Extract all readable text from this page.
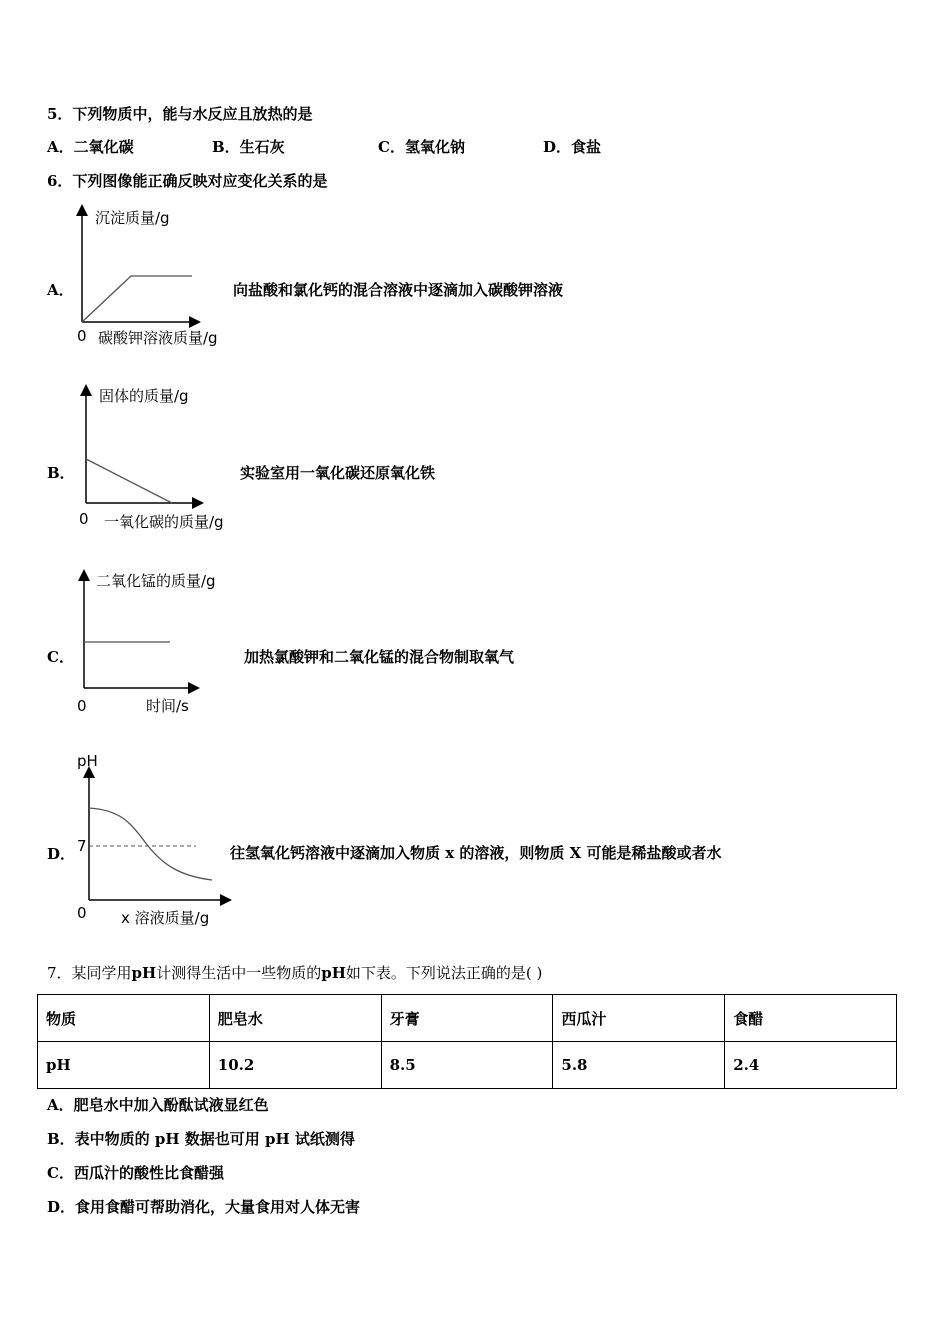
5．下列物质中，能与水反应且放热的是
A．二氧化碳	B．生石灰	C．氢氧化钠	D．食盐
6．下列图像能正确反映对应变化关系的是
A．
沉淀质量/g
碳酸钾溶液质量/g
0
固体的质量/g
一氧化碳的质量/g
0
二氧化锰的质量/g
时间/s
0
pH
x 溶液质量/g
0
7
向盐酸和氯化钙的混合溶液中逐滴加入碳酸钾溶液
B．	实验室用一氧化碳还原氧化铁
C．	加热氯酸钾和二氧化锰的混合物制取氧气
D．	往氢氧化钙溶液中逐滴加入物质 x 的溶液，则物质 X 可能是稀盐酸或者水
7．某同学用pH计测得生活中一些物质的pH如下表。下列说法正确的是( )
物质	肥皂水	牙膏	西瓜汁	食醋
pH	10.2	8.5	5.8	2.4
A．肥皂水中加入酚酞试液显红色
B．表中物质的 pH 数据也可用 pH 试纸测得
C．西瓜汁的酸性比食醋强
D．食用食醋可帮助消化，大量食用对人体无害
